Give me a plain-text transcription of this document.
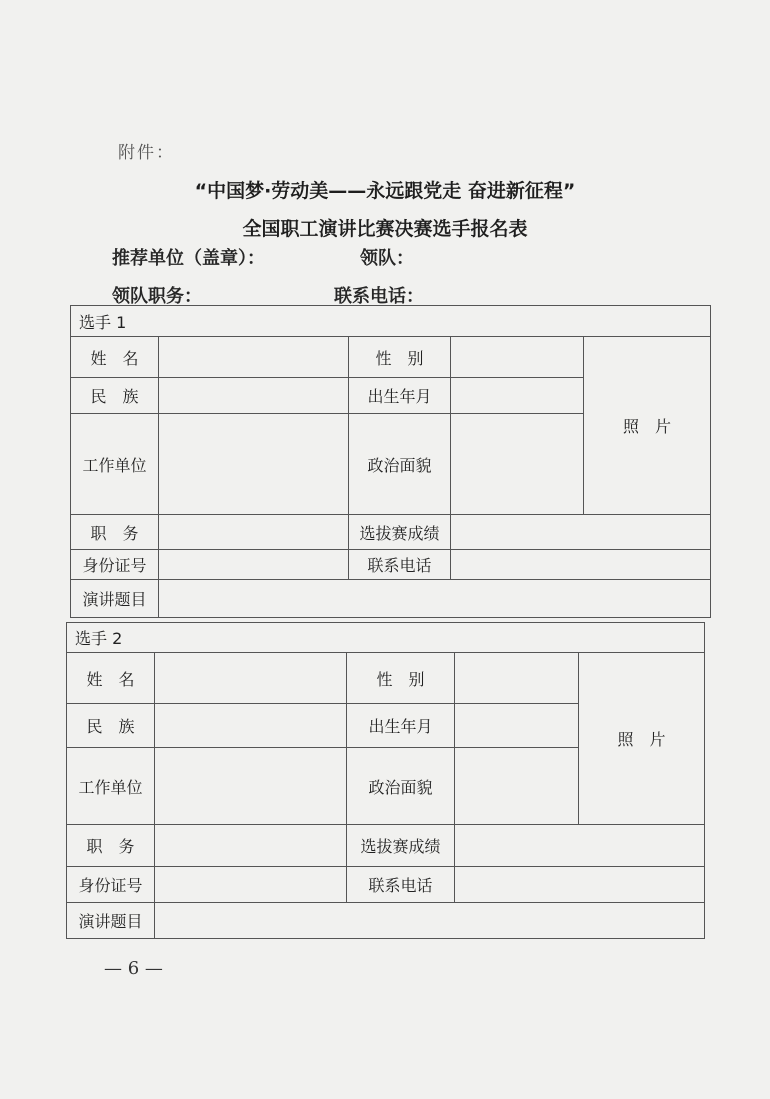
附件：
“中国梦·劳动美——永远跟党走 奋进新征程”
全国职工演讲比赛决赛选手报名表
推荐单位（盖章）：	领队：
领队职务：	联系电话：
选手 1				
姓　名		性　别		照　片
民　族		出生年月		
工作单位		政治面貌		
职　务		选拔赛成绩		
身份证号		联系电话		
演讲题目				
选手 2				
姓　名		性　别		照　片
民　族		出生年月		
工作单位		政治面貌		
职　务		选拔赛成绩		
身份证号		联系电话		
演讲题目				
— 6 —
